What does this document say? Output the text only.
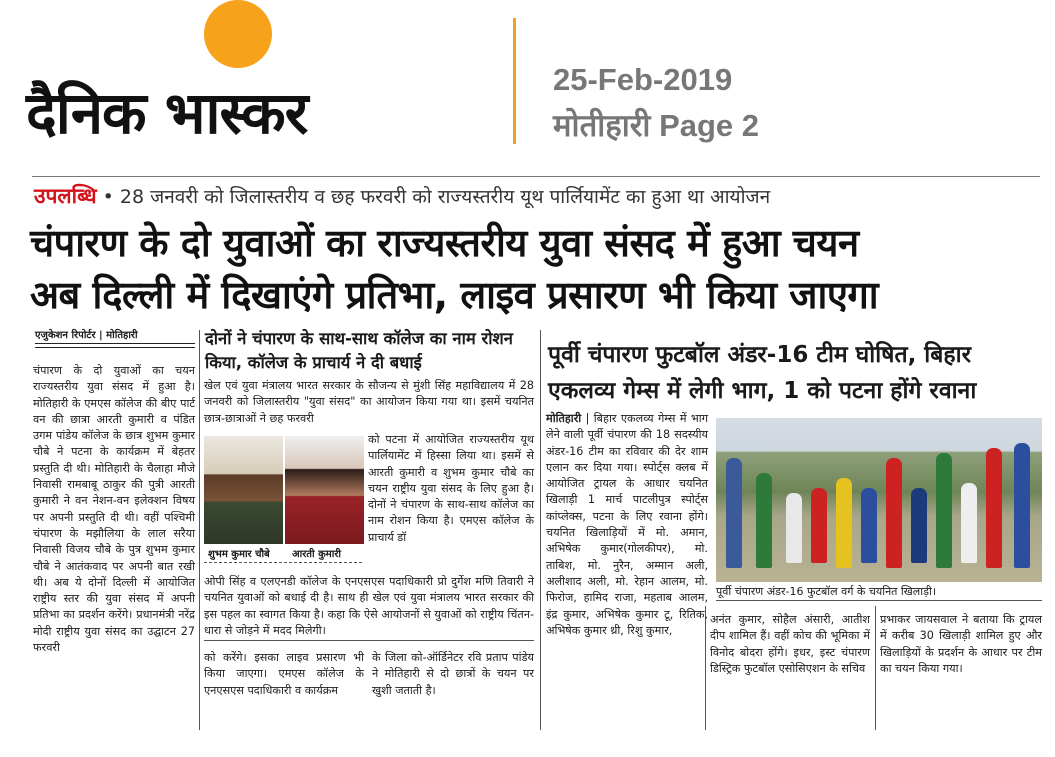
दैनिक भास्कर	25-Feb-2019
मोतीहारी Page 2
उपलब्धि • 28 जनवरी को जिलास्तरीय व छह फरवरी को राज्यस्तरीय यूथ पार्लियामेंट का हुआ था आयोजन
चंपारण के दो युवाओं का राज्यस्तरीय युवा संसद में हुआ चयन
अब दिल्ली में दिखाएंगे प्रतिभा, लाइव प्रसारण भी किया जाएगा
एजुकेशन रिपोर्टर | मोतिहारी
चंपारण के दो युवाओं का चयन राज्यस्तरीय युवा संसद में हुआ है। मोतिहारी के एमएस कॉलेज की बीए पार्ट वन की छात्रा आरती कुमारी व पंडित उगम पांडेय कॉलेज के छात्र शुभम कुमार चौबे ने पटना के कार्यक्रम में बेहतर प्रस्तुति दी थी। मोतिहारी के चैलाहा मौजे निवासी रामबाबू ठाकुर की पुत्री आरती कुमारी ने वन नेशन-वन इलेक्शन विषय पर अपनी प्रस्तुति दी थी। वहीं पश्चिमी चंपारण के मझौलिया के लाल सरैया निवासी विजय चौबे के पुत्र शुभम कुमार चौबे ने आतंकवाद पर अपनी बात रखी थी। अब ये दोनों दिल्ली में आयोजित राष्ट्रीय स्तर की युवा संसद में अपनी प्रतिभा का प्रदर्शन करेंगे। प्रधानमंत्री नरेंद्र मोदी राष्ट्रीय युवा संसद का उद्घाटन 27 फरवरी
दोनों ने चंपारण के साथ-साथ कॉलेज का नाम रोशन किया, कॉलेज के प्राचार्य ने दी बधाई
खेल एवं युवा मंत्रालय भारत सरकार के सौजन्य से मुंशी सिंह महाविद्यालय में 28 जनवरी को जिलास्तरीय "युवा संसद" का आयोजन किया गया था। इसमें चयनित छात्र-छात्राओं ने छह फरवरी
को पटना में आयोजित राज्यस्तरीय यूथ पार्लियामेंट में हिस्सा लिया था। इसमें से आरती कुमारी व शुभम कुमार चौबे का चयन राष्ट्रीय युवा संसद के लिए हुआ है। दोनों ने चंपारण के साथ-साथ कॉलेज का नाम रोशन किया है। एमएस कॉलेज के प्राचार्य डॉ
शुभम कुमार चौबे आरती कुमारी
ओपी सिंह व एलएनडी कॉलेज के एनएसएस पदाधिकारी प्रो दुर्गेश मणि तिवारी ने चयनित युवाओं को बधाई दी है। साथ ही खेल एवं युवा मंत्रालय भारत सरकार की इस पहल का स्वागत किया है। कहा कि ऐसे आयोजनों से युवाओं को राष्ट्रीय चिंतन-धारा से जोड़ने में मदद मिलेगी।
को करेंगे। इसका लाइव प्रसारण भी किया जाएगा। एमएस कॉलेज के एनएसएस पदाधिकारी व कार्यक्रम
के जिला को-ऑर्डिनेटर रवि प्रताप पांडेय ने मोतिहारी से दो छात्रों के चयन पर खुशी जताती है।
पूर्वी चंपारण फुटबॉल अंडर-16 टीम घोषित, बिहार एकलव्य गेम्स में लेगी भाग, 1 को पटना होंगे रवाना
मोतिहारी | बिहार एकलव्य गेम्स में भाग लेने वाली पूर्वी चंपारण की 18 सदस्यीय अंडर-16 टीम का रविवार की देर शाम एलान कर दिया गया। स्पोर्ट्स क्लब में आयोजित ट्रायल के आधार चयनित खिलाड़ी 1 मार्च पाटलीपुत्र स्पोर्ट्स कांप्लेक्स, पटना के लिए रवाना होंगे। चयनित खिलाड़ियों में मो. अमान, अभिषेक कुमार(गोलकीपर), मो. ताबिश, मो. नुरैन, अम्मान अली, अलीशाद अली, मो. रेहान आलम, मो. फिरोज, हामिद राजा, महताब आलम, इंद्र कुमार, अभिषेक कुमार टू, रितिक, अभिषेक कुमार थ्री, रिशु कुमार,
पूर्वी चंपारण अंडर-16 फुटबॉल वर्ग के चयनित खिलाड़ी।
अनंत कुमार, सोहैल अंसारी, आतीश दीप शामिल हैं। वहीं कोच की भूमिका में विनोद बोदरा होंगे। इधर, इस्ट चंपारण डिस्ट्रिक फुटबॉल एसोसिएशन के सचिव
प्रभाकर जायसवाल ने बताया कि ट्रायल में करीब 30 खिलाड़ी शामिल हुए और खिलाड़ियों के प्रदर्शन के आधार पर टीम का चयन किया गया।
